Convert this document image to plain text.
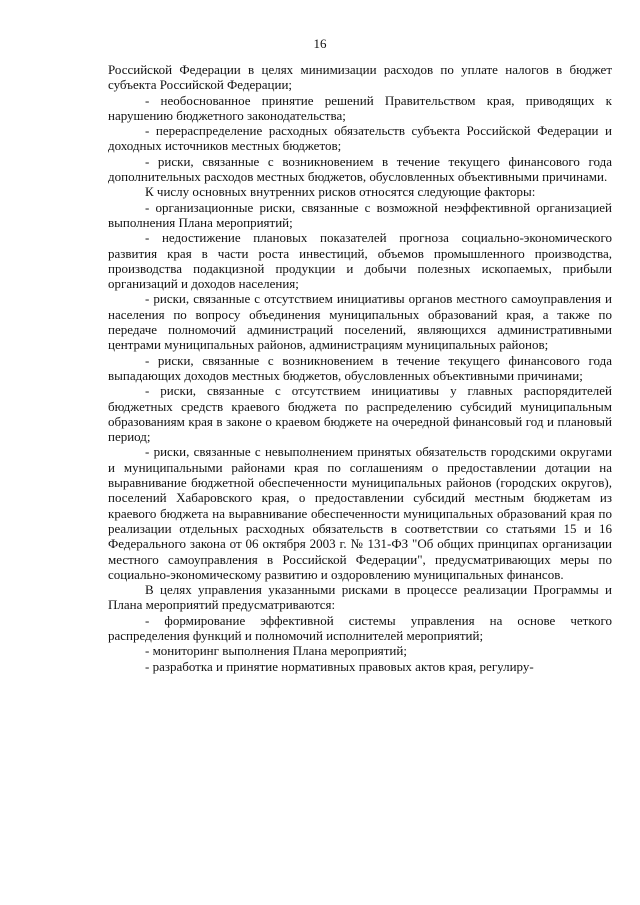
16

Российской Федерации в целях минимизации расходов по уплате налогов в бюджет субъекта Российской Федерации;

- необоснованное принятие решений Правительством края, приводящих к нарушению бюджетного законодательства;

- перераспределение расходных обязательств субъекта Российской Федерации и доходных источников местных бюджетов;

- риски, связанные с возникновением в течение текущего финансового года дополнительных расходов местных бюджетов, обусловленных объективными причинами.

К числу основных внутренних рисков относятся следующие факторы:

- организационные риски, связанные с возможной неэффективной организацией выполнения Плана мероприятий;

- недостижение плановых показателей прогноза социально-экономического развития края в части роста инвестиций, объемов промышленного производства, производства подакцизной продукции и добычи полезных ископаемых, прибыли организаций и доходов населения;

- риски, связанные с отсутствием инициативы органов местного самоуправления и населения по вопросу объединения муниципальных образований края, а также по передаче полномочий администраций поселений, являющихся административными центрами муниципальных районов, администрациям муниципальных районов;

- риски, связанные с возникновением в течение текущего финансового года выпадающих доходов местных бюджетов, обусловленных объективными причинами;

- риски, связанные с отсутствием инициативы у главных распорядителей бюджетных средств краевого бюджета по распределению субсидий муниципальным образованиям края в законе о краевом бюджете на очередной финансовый год и плановый период;

- риски, связанные с невыполнением принятых обязательств городскими округами и муниципальными районами края по соглашениям о предоставлении дотации на выравнивание бюджетной обеспеченности муниципальных районов (городских округов), поселений Хабаровского края, о предоставлении субсидий местным бюджетам из краевого бюджета на выравнивание обеспеченности муниципальных образований края по реализации отдельных расходных обязательств в соответствии со статьями 15 и 16 Федерального закона от 06 октября 2003 г. № 131-ФЗ "Об общих принципах организации местного самоуправления в Российской Федерации", предусматривающих меры по социально-экономическому развитию и оздоровлению муниципальных финансов.

В целях управления указанными рисками в процессе реализации Программы и Плана мероприятий предусматриваются:

- формирование эффективной системы управления на основе четкого распределения функций и полномочий исполнителей мероприятий;

- мониторинг выполнения Плана мероприятий;

- разработка и принятие нормативных правовых актов края, регулиру-
